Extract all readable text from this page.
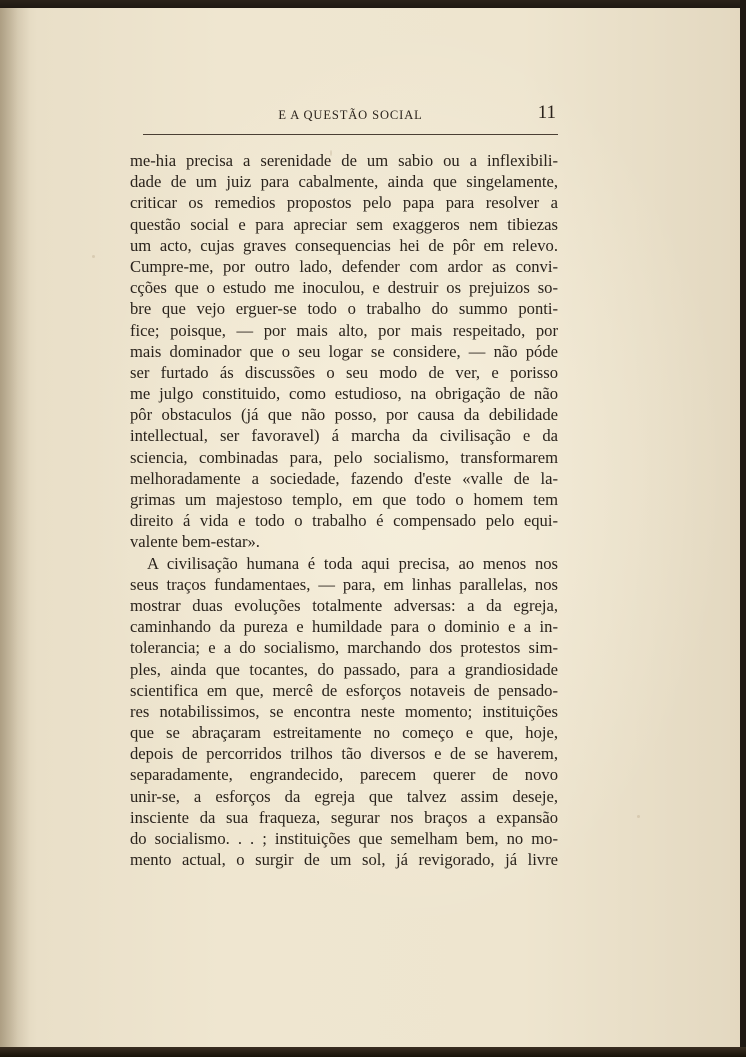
E A QUESTÃO SOCIAL	11
me-hia precisa a serenidade de um sabio ou a inflexibili-
dade de um juiz para cabalmente, ainda que singelamente,
criticar os remedios propostos pelo papa para resolver a
questão social e para apreciar sem exaggeros nem tibiezas
um acto, cujas graves consequencias hei de pôr em relevo.
Cumpre-me, por outro lado, defender com ardor as convi-
cções que o estudo me inoculou, e destruir os prejuizos so-
bre que vejo erguer-se todo o trabalho do summo ponti-
fice; poisque, — por mais alto, por mais respeitado, por
mais dominador que o seu logar se considere, — não póde
ser furtado ás discussões o seu modo de ver, e porisso
me julgo constituido, como estudioso, na obrigação de não
pôr obstaculos (já que não posso, por causa da debilidade
intellectual, ser favoravel) á marcha da civilisação e da
sciencia, combinadas para, pelo socialismo, transformarem
melhoradamente a sociedade, fazendo d'este «valle de la-
grimas um majestoso templo, em que todo o homem tem
direito á vida e todo o trabalho é compensado pelo equi-
valente bem-estar».
A civilisação humana é toda aqui precisa, ao menos nos
seus traços fundamentaes, — para, em linhas parallelas, nos
mostrar duas evoluções totalmente adversas: a da egreja,
caminhando da pureza e humildade para o dominio e a in-
tolerancia; e a do socialismo, marchando dos protestos sim-
ples, ainda que tocantes, do passado, para a grandiosidade
scientifica em que, mercê de esforços notaveis de pensado-
res notabilissimos, se encontra neste momento; instituições
que se abraçaram estreitamente no começo e que, hoje,
depois de percorridos trilhos tão diversos e de se haverem,
separadamente, engrandecido, parecem querer de novo
unir-se, a esforços da egreja que talvez assim deseje,
insciente da sua fraqueza, segurar nos braços a expansão
do socialismo. . . ; instituições que semelham bem, no mo-
mento actual, o surgir de um sol, já revigorado, já livre
